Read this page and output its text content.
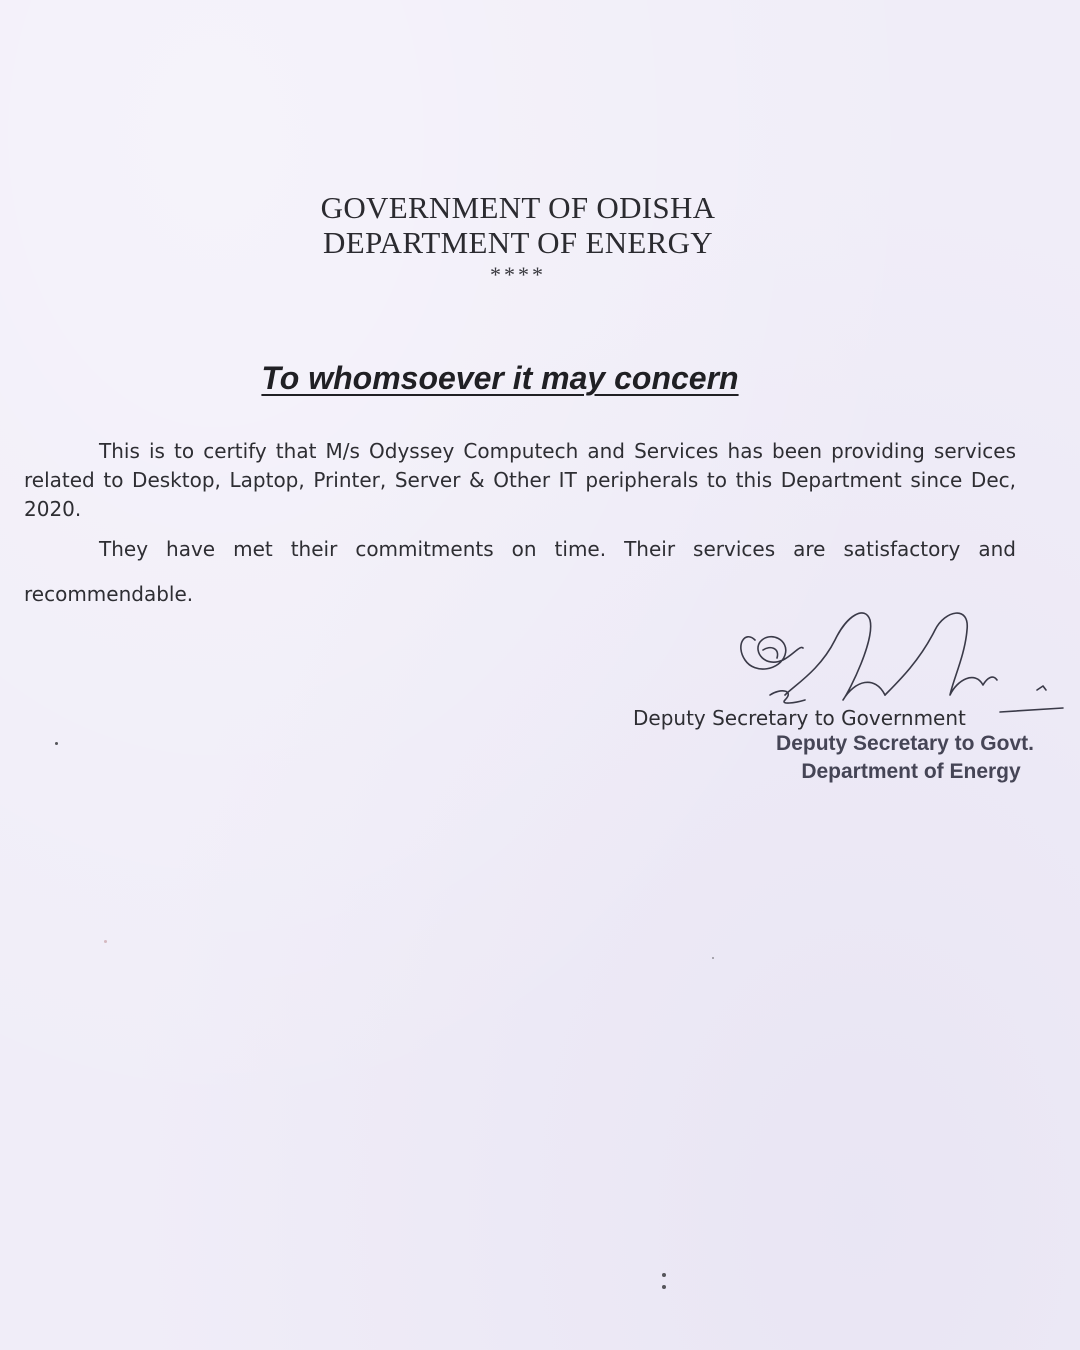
GOVERNMENT OF ODISHA
DEPARTMENT OF ENERGY
****
To whomsoever it may concern

This is to certify that M/s Odyssey Computech and Services has been providing services related to Desktop, Laptop, Printer, Server & Other IT peripherals to this Department since Dec, 2020.

They have met their commitments on time. Their services are satisfactory and recommendable.

Deputy Secretary to Government
Deputy Secretary to Govt.
Department of Energy
